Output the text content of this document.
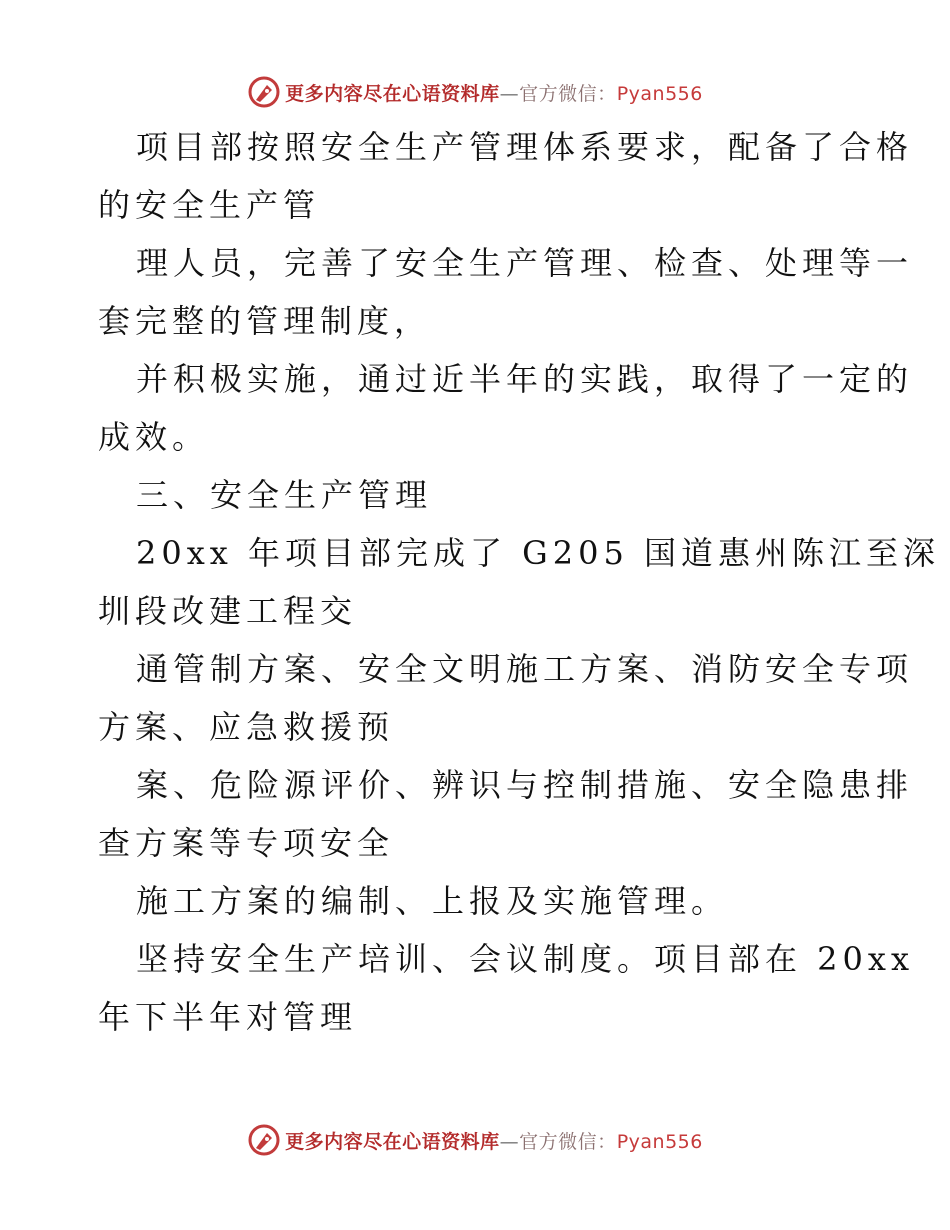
更多内容尽在心语资料库—官方微信：Pyan556
项目部按照安全生产管理体系要求，配备了合格
的安全生产管
理人员，完善了安全生产管理、检查、处理等一
套完整的管理制度，
并积极实施，通过近半年的实践，取得了一定的
成效。
三、安全生产管理
20xx 年项目部完成了 G205 国道惠州陈江至深
圳段改建工程交
通管制方案、安全文明施工方案、消防安全专项
方案、应急救援预
案、危险源评价、辨识与控制措施、安全隐患排
查方案等专项安全
施工方案的编制、上报及实施管理。
坚持安全生产培训、会议制度。项目部在 20xx
年下半年对管理
更多内容尽在心语资料库—官方微信：Pyan556
